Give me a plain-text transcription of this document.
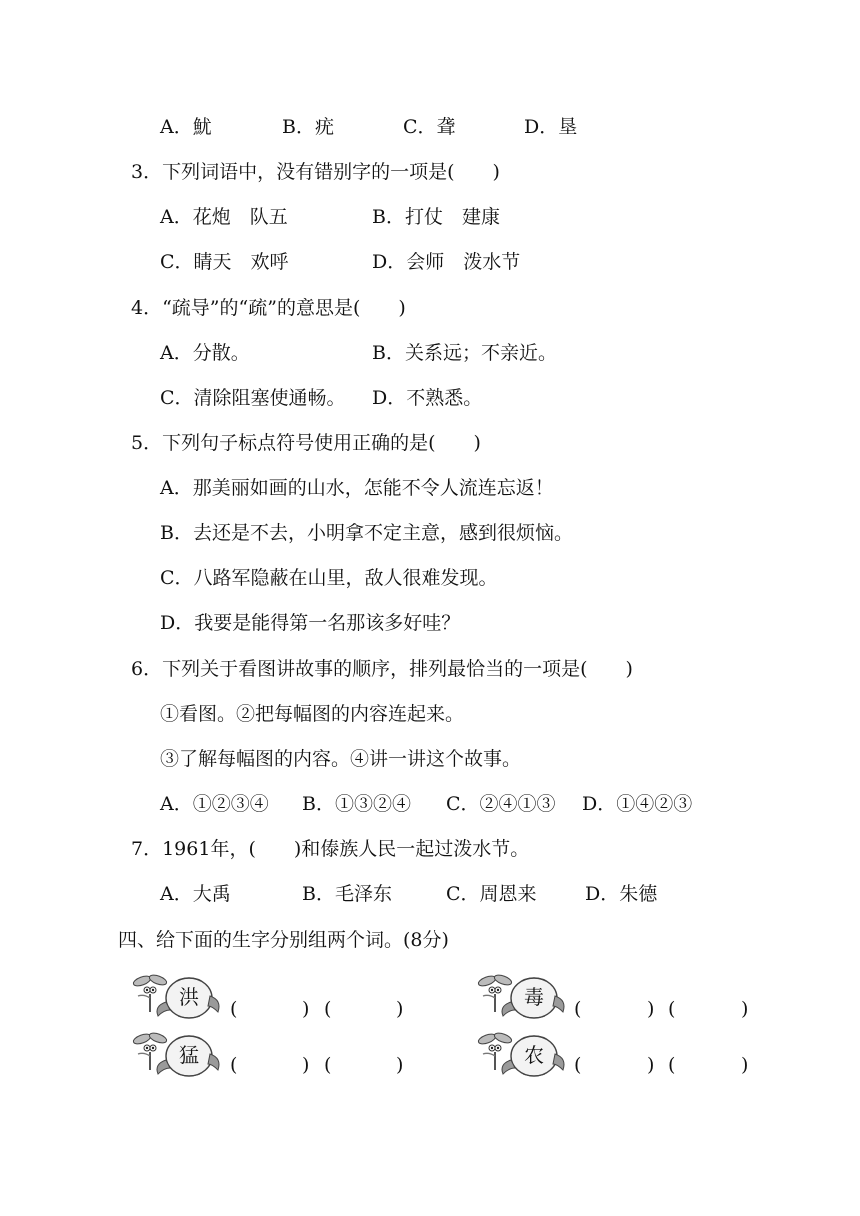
A．魷	B．疣	C．聋	D．垦
3．下列词语中，没有错别字的一项是(　　)
A．花炮　队五	B．打仗　建康
C．睛天　欢呼	D．会师　泼水节
4．“疏导”的“疏”的意思是(　　)
A．分散。	B．关系远；不亲近。
C．清除阻塞使通畅。 D．不熟悉。
5．下列句子标点符号使用正确的是(　　)
A．那美丽如画的山水，怎能不令人流连忘返！
B．去还是不去，小明拿不定主意，感到很烦恼。
C．八路军隐蔽在山里，敌人很难发现。
D．我要是能得第一名那该多好哇？
6．下列关于看图讲故事的顺序，排列最恰当的一项是(　　)
①看图。②把每幅图的内容连起来。
③了解每幅图的内容。④讲一讲这个故事。
A．①②③④ B．①③②④ C．②④①③ D．①④②③
7．1961年，(　　)和傣族人民一起过泼水节。
A．大禹	B．毛泽东	C．周恩来	D．朱德
四、给下面的生字分别组两个词。(8分)
洪 (	) (	)	毒 (	) (	)
猛 (	) (	)	农 (	) (	)
